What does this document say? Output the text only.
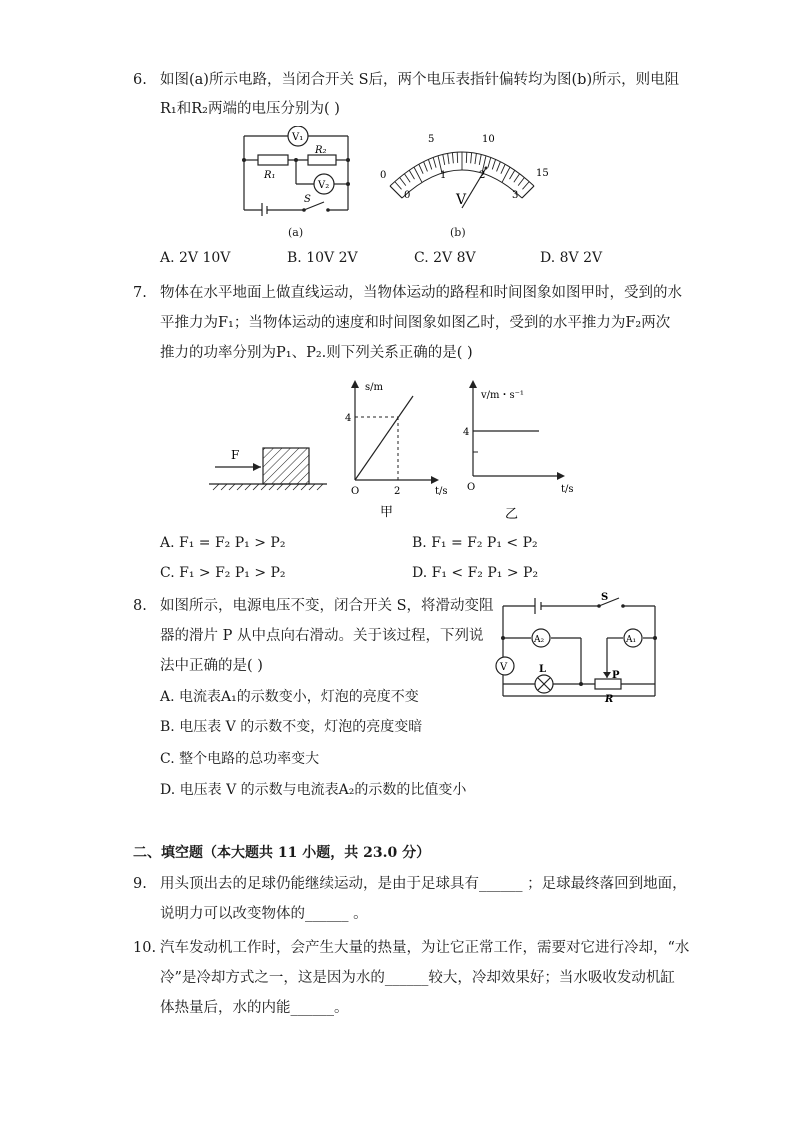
6. 如图(a)所示电路，当闭合开关 S后，两个电压表指针偏转均为图(b)所示，则电阻
R₁和R₂两端的电压分别为( )
V₁
V₂
R₂
R₁
S
(a)
0
5	10
15
0
1	2
3
V
(b)
A. 2V 10V	B. 10V 2V	C. 2V 8V	D. 8V 2V
7. 物体在水平地面上做直线运动，当物体运动的路程和时间图象如图甲时，受到的水
平推力为F₁；当物体运动的速度和时间图象如图乙时，受到的水平推力为F₂两次
推力的功率分别为P₁、P₂.则下列关系正确的是( )
F
s/m
4
O	2	t/s
甲
v/m・s⁻¹
4
O	t/s
乙
A. F₁ = F₂ P₁ > P₂	B. F₁ = F₂ P₁ < P₂
C. F₁ > F₂ P₁ > P₂	D. F₁ < F₂ P₁ > P₂
8. 如图所示，电源电压不变，闭合开关 S，将滑动变阻
器的滑片 P 从中点向右滑动。关于该过程，下列说
法中正确的是( )
S
A₂	A₁
V	L
P
R
A. 电流表A₁的示数变小，灯泡的亮度不变
B. 电压表 V 的示数不变，灯泡的亮度变暗
C. 整个电路的总功率变大
D. 电压表 V 的示数与电流表A₂的示数的比值变小
二、填空题（本大题共 11 小题，共 23.0 分）
9. 用头顶出去的足球仍能继续运动，是由于足球具有______ ；足球最终落回到地面，
说明力可以改变物体的______ 。
10. 汽车发动机工作时，会产生大量的热量，为让它正常工作，需要对它进行冷却，“水
冷”是冷却方式之一，这是因为水的______较大，冷却效果好；当水吸收发动机缸
体热量后，水的内能______。
